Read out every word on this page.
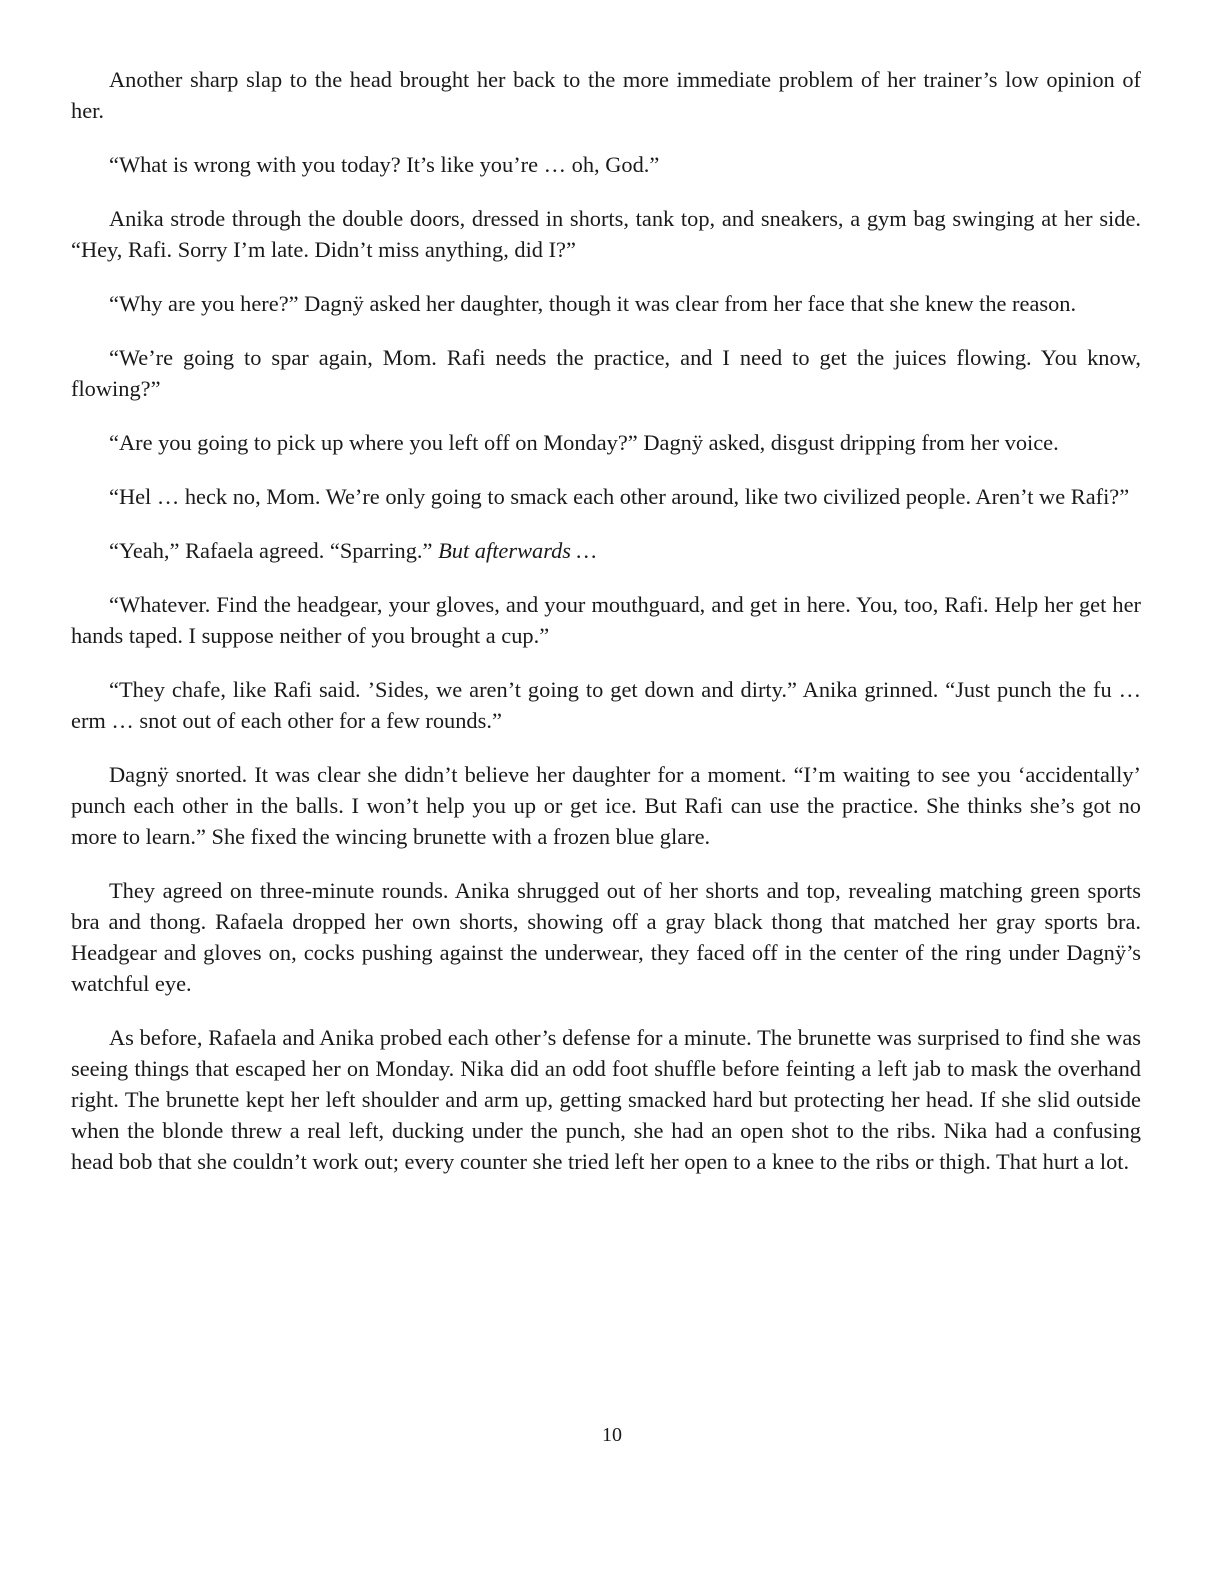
Another sharp slap to the head brought her back to the more immediate problem of her trainer’s low opinion of her.

“What is wrong with you today? It’s like you’re … oh, God.”

Anika strode through the double doors, dressed in shorts, tank top, and sneakers, a gym bag swinging at her side. “Hey, Rafi. Sorry I’m late. Didn’t miss anything, did I?”

“Why are you here?” Dagnÿ asked her daughter, though it was clear from her face that she knew the reason.

“We’re going to spar again, Mom. Rafi needs the practice, and I need to get the juices flowing. You know, flowing?”

“Are you going to pick up where you left off on Monday?” Dagnÿ asked, disgust dripping from her voice.

“Hel … heck no, Mom. We’re only going to smack each other around, like two civilized people. Aren’t we Rafi?”

“Yeah,” Rafaela agreed. “Sparring.” But afterwards …

“Whatever. Find the headgear, your gloves, and your mouthguard, and get in here. You, too, Rafi. Help her get her hands taped. I suppose neither of you brought a cup.”

“They chafe, like Rafi said. ’Sides, we aren’t going to get down and dirty.” Anika grinned. “Just punch the fu … erm … snot out of each other for a few rounds.”

Dagnÿ snorted. It was clear she didn’t believe her daughter for a moment. “I’m waiting to see you ‘accidentally’ punch each other in the balls. I won’t help you up or get ice. But Rafi can use the practice. She thinks she’s got no more to learn.” She fixed the wincing brunette with a frozen blue glare.

They agreed on three-minute rounds. Anika shrugged out of her shorts and top, revealing matching green sports bra and thong. Rafaela dropped her own shorts, showing off a gray black thong that matched her gray sports bra. Headgear and gloves on, cocks pushing against the underwear, they faced off in the center of the ring under Dagnÿ’s watchful eye.

As before, Rafaela and Anika probed each other’s defense for a minute. The brunette was surprised to find she was seeing things that escaped her on Monday. Nika did an odd foot shuffle before feinting a left jab to mask the overhand right. The brunette kept her left shoulder and arm up, getting smacked hard but protecting her head. If she slid outside when the blonde threw a real left, ducking under the punch, she had an open shot to the ribs. Nika had a confusing head bob that she couldn’t work out; every counter she tried left her open to a knee to the ribs or thigh. That hurt a lot.

10
